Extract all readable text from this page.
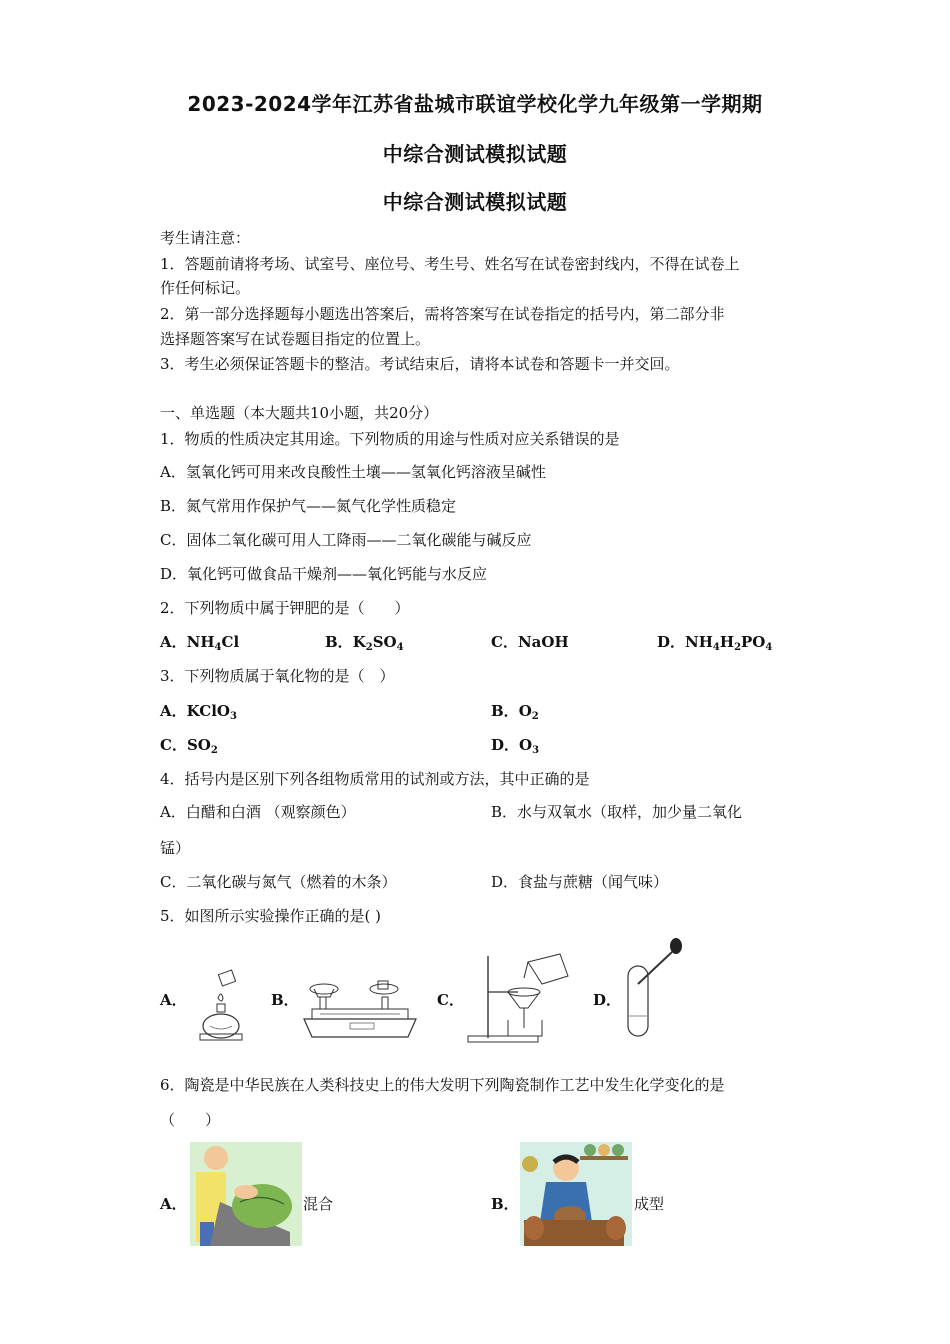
2023-2024学年江苏省盐城市联谊学校化学九年级第一学期期
中综合测试模拟试题
中综合测试模拟试题
考生请注意：
1．答题前请将考场、试室号、座位号、考生号、姓名写在试卷密封线内，不得在试卷上
作任何标记。
2．第一部分选择题每小题选出答案后，需将答案写在试卷指定的括号内，第二部分非
选择题答案写在试卷题目指定的位置上。
3．考生必须保证答题卡的整洁。考试结束后，请将本试卷和答题卡一并交回。
一、单选题（本大题共10小题，共20分）
1．物质的性质决定其用途。下列物质的用途与性质对应关系错误的是
A．氢氧化钙可用来改良酸性土壤——氢氧化钙溶液呈碱性
B．氮气常用作保护气——氮气化学性质稳定
C．固体二氧化碳可用人工降雨——二氧化碳能与碱反应
D．氧化钙可做食品干燥剂——氧化钙能与水反应
2．下列物质中属于钾肥的是（　　）
A．$NH_4Cl$	B．$K_2SO_4$	C．NaOH	D．$NH_4H_2PO_4$
3．下列物质属于氧化物的是（　）
A．KClO$_3$	B．$O_2$
C．$SO_2$	D．$O_3$
4．括号内是区别下列各组物质常用的试剂或方法，其中正确的是
A．白醋和白酒 （观察颜色）	B．水与双氧水（取样，加少量二氧化
锰）
C．二氧化碳与氮气（燃着的木条）	D．食盐与蔗糖（闻气味）
5．如图所示实验操作正确的是( )
A．	B．	C．	D．
6．陶瓷是中华民族在人类科技史上的伟大发明下列陶瓷制作工艺中发生化学变化的是
（　　）
A．	混合	B．	成型
